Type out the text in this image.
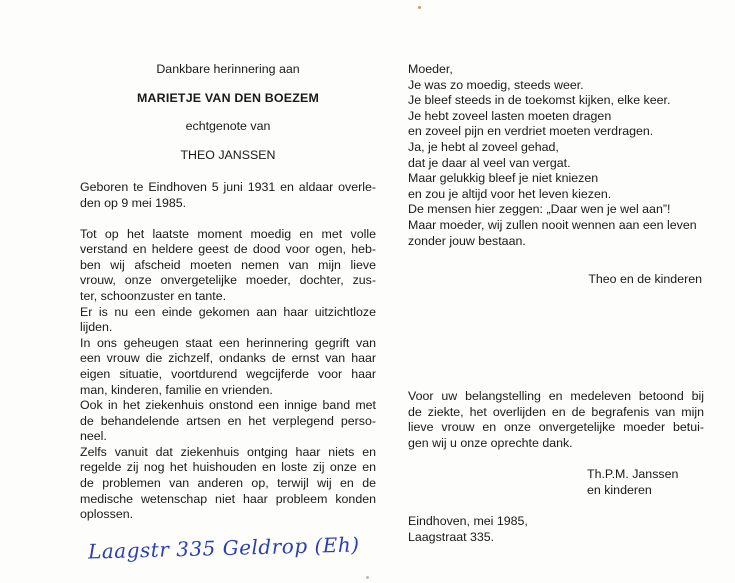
Dankbare herinnering aan
MARIETJE VAN DEN BOEZEM
echtgenote van
THEO JANSSEN
Geboren te Eindhoven 5 juni 1931 en aldaar overle-
den op 9 mei 1985.
Tot op het laatste moment moedig en met volle
verstand en heldere geest de dood voor ogen, heb-
ben wij afscheid moeten nemen van mijn lieve
vrouw, onze onvergetelijke moeder, dochter, zus-
ter, schoonzuster en tante.
Er is nu een einde gekomen aan haar uitzichtloze
lijden.
In ons geheugen staat een herinnering gegrift van
een vrouw die zichzelf, ondanks de ernst van haar
eigen situatie, voortdurend wegcijferde voor haar
man, kinderen, familie en vrienden.
Ook in het ziekenhuis onstond een innige band met
de behandelende artsen en het verplegend perso-
neel.
Zelfs vanuit dat ziekenhuis ontging haar niets en
regelde zij nog het huishouden en loste zij onze en
de problemen van anderen op, terwijl wij en de
medische wetenschap niet haar probleem konden
oplossen.
Moeder,
Je was zo moedig, steeds weer.
Je bleef steeds in de toekomst kijken, elke keer.
Je hebt zoveel lasten moeten dragen
en zoveel pijn en verdriet moeten verdragen.
Ja, je hebt al zoveel gehad,
dat je daar al veel van vergat.
Maar gelukkig bleef je niet kniezen
en zou je altijd voor het leven kiezen.
De mensen hier zeggen: „Daar wen je wel aan”!
Maar moeder, wij zullen nooit wennen aan een leven
zonder jouw bestaan.
Theo en de kinderen
Voor uw belangstelling en medeleven betoond bij
de ziekte, het overlijden en de begrafenis van mijn
lieve vrouw en onze onvergetelijke moeder betui-
gen wij u onze oprechte dank.
Th.P.M. Janssen
en kinderen
Eindhoven, mei 1985,
Laagstraat 335.
Laagstr 335 Geldrop (Eh)
